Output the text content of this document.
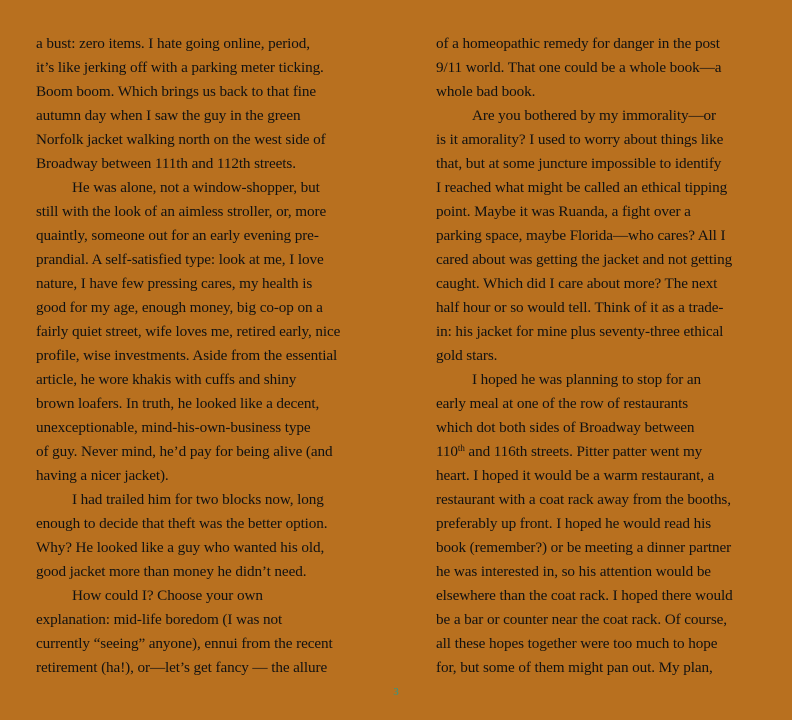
a bust: zero items. I hate going online, period,
it’s like jerking off with a parking meter ticking.
Boom boom. Which brings us back to that fine
autumn day when I saw the guy in the green
Norfolk jacket walking north on the west side of
Broadway between 111th and 112th streets.
He was alone, not a window-shopper, but
still with the look of an aimless stroller, or, more
quaintly, someone out for an early evening pre-
prandial. A self-satisfied type: look at me, I love
nature, I have few pressing cares, my health is
good for my age, enough money, big co-op on a
fairly quiet street, wife loves me, retired early, nice
profile, wise investments. Aside from the essential
article, he wore khakis with cuffs and shiny
brown loafers. In truth, he looked like a decent,
unexceptionable, mind-his-own-business type
of guy. Never mind, he’d pay for being alive (and
having a nicer jacket).
I had trailed him for two blocks now, long
enough to decide that theft was the better option.
Why? He looked like a guy who wanted his old,
good jacket more than money he didn’t need.
How could I? Choose your own
explanation: mid-life boredom (I was not
currently “seeing” anyone), ennui from the recent
retirement (ha!), or—let’s get fancy — the allure
of a homeopathic remedy for danger in the post
9/11 world. That one could be a whole book—a
whole bad book.
Are you bothered by my immorality—or
is it amorality? I used to worry about things like
that, but at some juncture impossible to identify
I reached what might be called an ethical tipping
point. Maybe it was Ruanda, a fight over a
parking space, maybe Florida—who cares? All I
cared about was getting the jacket and not getting
caught. Which did I care about more? The next
half hour or so would tell. Think of it as a trade-
in: his jacket for mine plus seventy-three ethical
gold stars.
I hoped he was planning to stop for an
early meal at one of the row of restaurants
which dot both sides of Broadway between
110th and 116th streets. Pitter patter went my
heart. I hoped it would be a warm restaurant, a
restaurant with a coat rack away from the booths,
preferably up front. I hoped he would read his
book (remember?) or be meeting a dinner partner
he was interested in, so his attention would be
elsewhere than the coat rack. I hoped there would
be a bar or counter near the coat rack. Of course,
all these hopes together were too much to hope
for, but some of them might pan out. My plan,
3
